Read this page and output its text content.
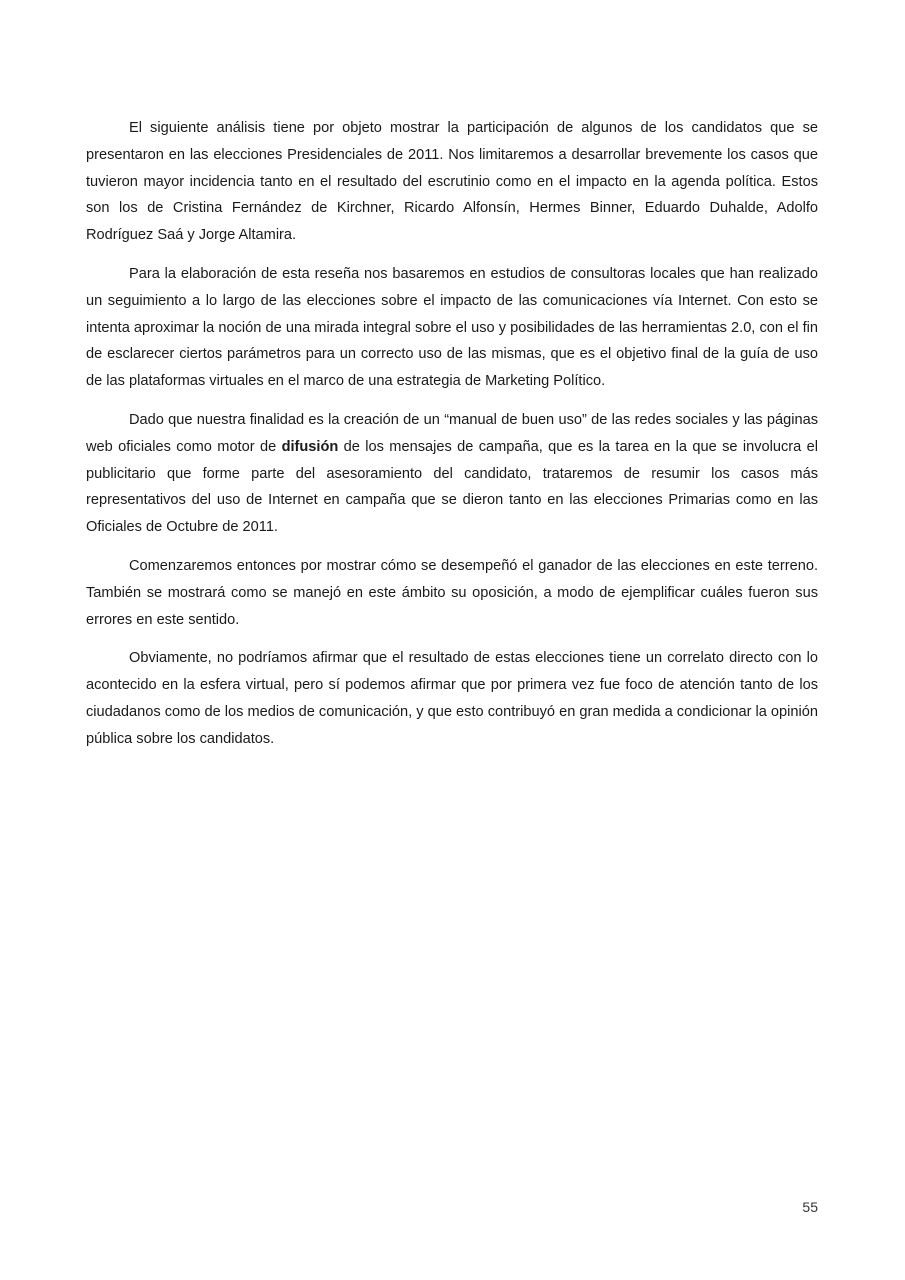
El siguiente análisis tiene por objeto mostrar la participación de algunos de los candidatos que se presentaron en las elecciones Presidenciales de 2011. Nos limitaremos a desarrollar brevemente los casos que tuvieron mayor incidencia tanto en el resultado del escrutinio como en el impacto en la agenda política. Estos son los de Cristina Fernández de Kirchner, Ricardo Alfonsín, Hermes Binner, Eduardo Duhalde, Adolfo Rodríguez Saá y Jorge Altamira.

Para la elaboración de esta reseña nos basaremos en estudios de consultoras locales que han realizado un seguimiento a lo largo de las elecciones sobre el impacto de las comunicaciones vía Internet. Con esto se intenta aproximar la noción de una mirada integral sobre el uso y posibilidades de las herramientas 2.0, con el fin de esclarecer ciertos parámetros para un correcto uso de las mismas, que es el objetivo final de la guía de uso de las plataformas virtuales en el marco de una estrategia de Marketing Político.

Dado que nuestra finalidad es la creación de un “manual de buen uso” de las redes sociales y las páginas web oficiales como motor de difusión de los mensajes de campaña, que es la tarea en la que se involucra el publicitario que forme parte del asesoramiento del candidato, trataremos de resumir los casos más representativos del uso de Internet en campaña que se dieron tanto en las elecciones Primarias como en las Oficiales de Octubre de 2011.

Comenzaremos entonces por mostrar cómo se desempeñó el ganador de las elecciones en este terreno. También se mostrará como se manejó en este ámbito su oposición, a modo de ejemplificar cuáles fueron sus errores en este sentido.

Obviamente, no podríamos afirmar que el resultado de estas elecciones tiene un correlato directo con lo acontecido en la esfera virtual, pero sí podemos afirmar que por primera vez fue foco de atención tanto de los ciudadanos como de los medios de comunicación, y que esto contribuyó en gran medida a condicionar la opinión pública sobre los candidatos.

55
